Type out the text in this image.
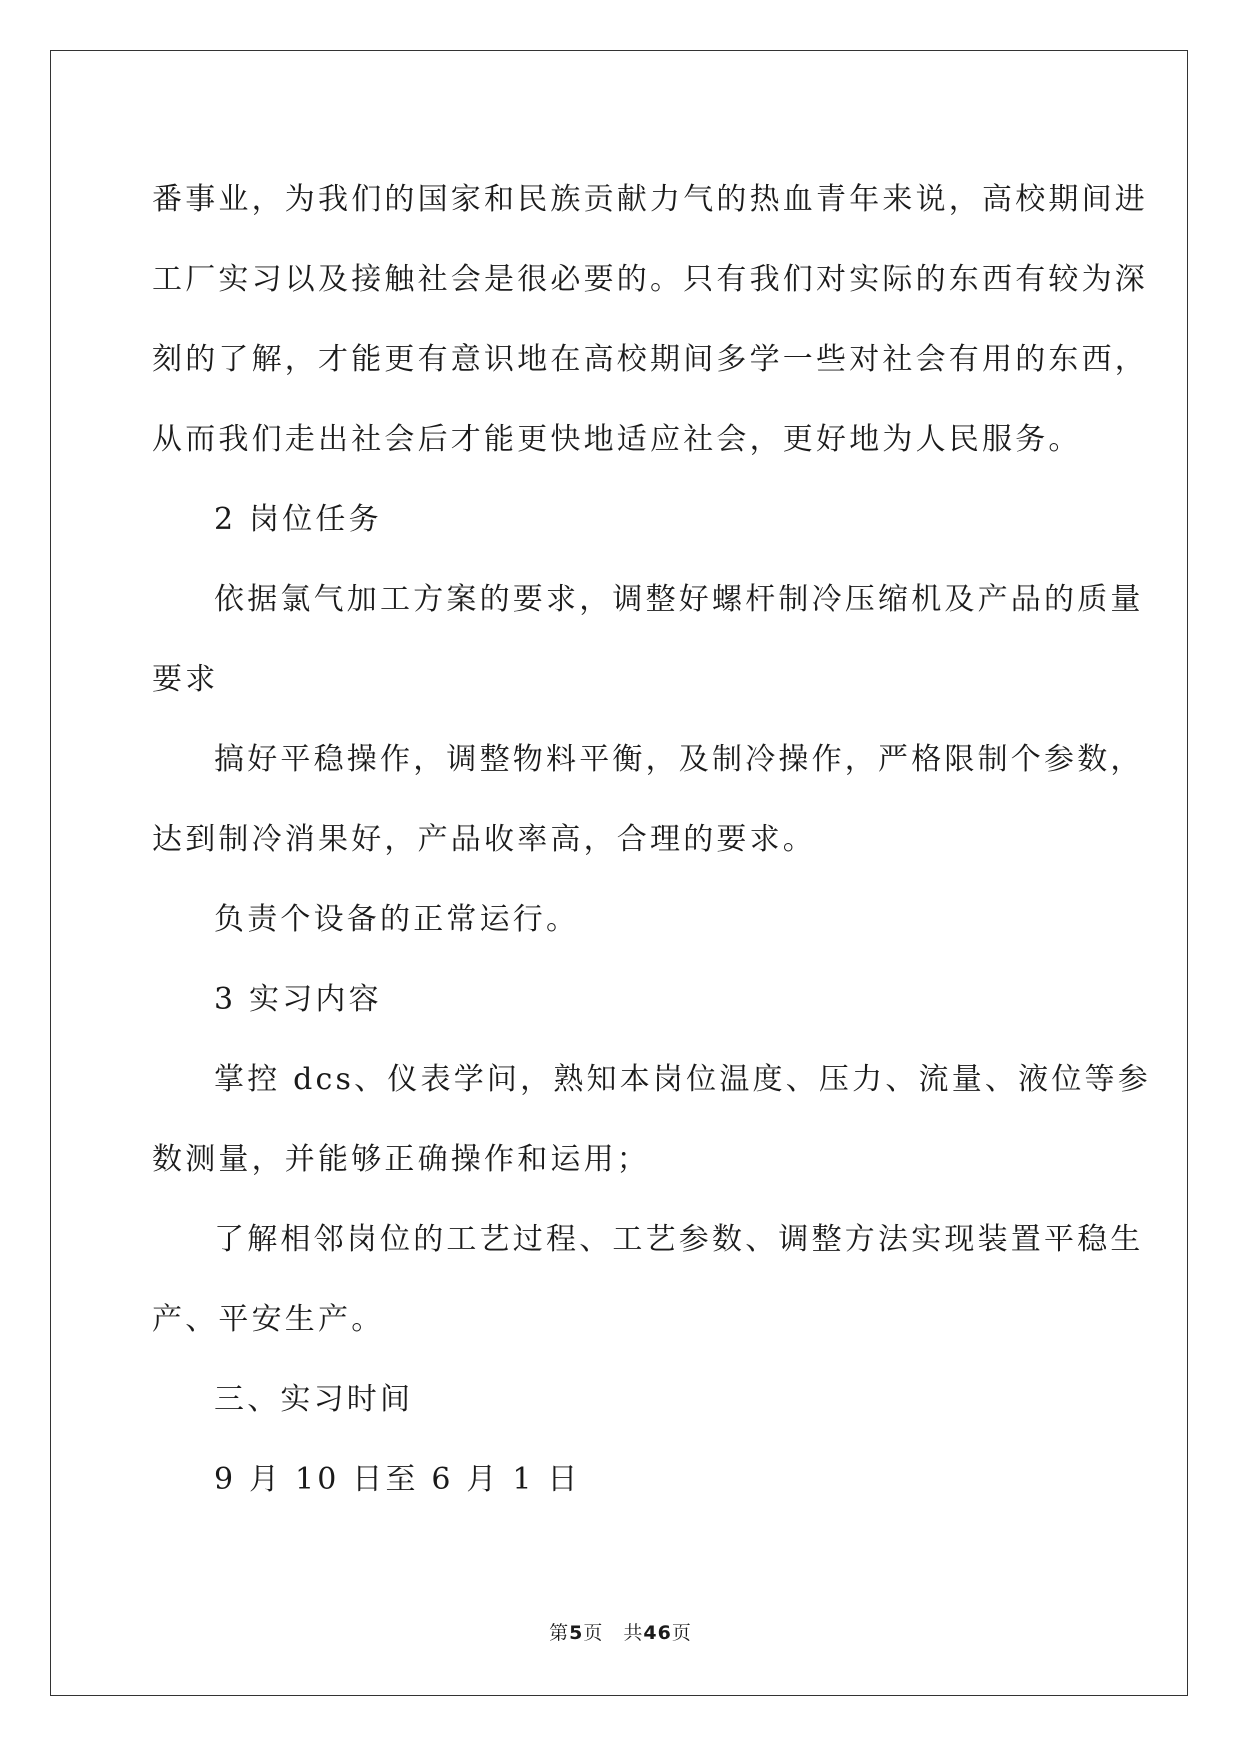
番事业，为我们的国家和民族贡献力气的热血青年来说，高校期间进

工厂实习以及接触社会是很必要的。只有我们对实际的东西有较为深

刻的了解，才能更有意识地在高校期间多学一些对社会有用的东西，

从而我们走出社会后才能更快地适应社会，更好地为人民服务。

2 岗位任务

依据氯气加工方案的要求，调整好螺杆制冷压缩机及产品的质量

要求

搞好平稳操作，调整物料平衡，及制冷操作，严格限制个参数，

达到制冷消果好，产品收率高，合理的要求。

负责个设备的正常运行。

3 实习内容

掌控 dcs、仪表学问，熟知本岗位温度、压力、流量、液位等参

数测量，并能够正确操作和运用；

了解相邻岗位的工艺过程、工艺参数、调整方法实现装置平稳生

产、平安生产。

三、实习时间

9 月 10 日至 6 月 1 日

第5页 共46页
